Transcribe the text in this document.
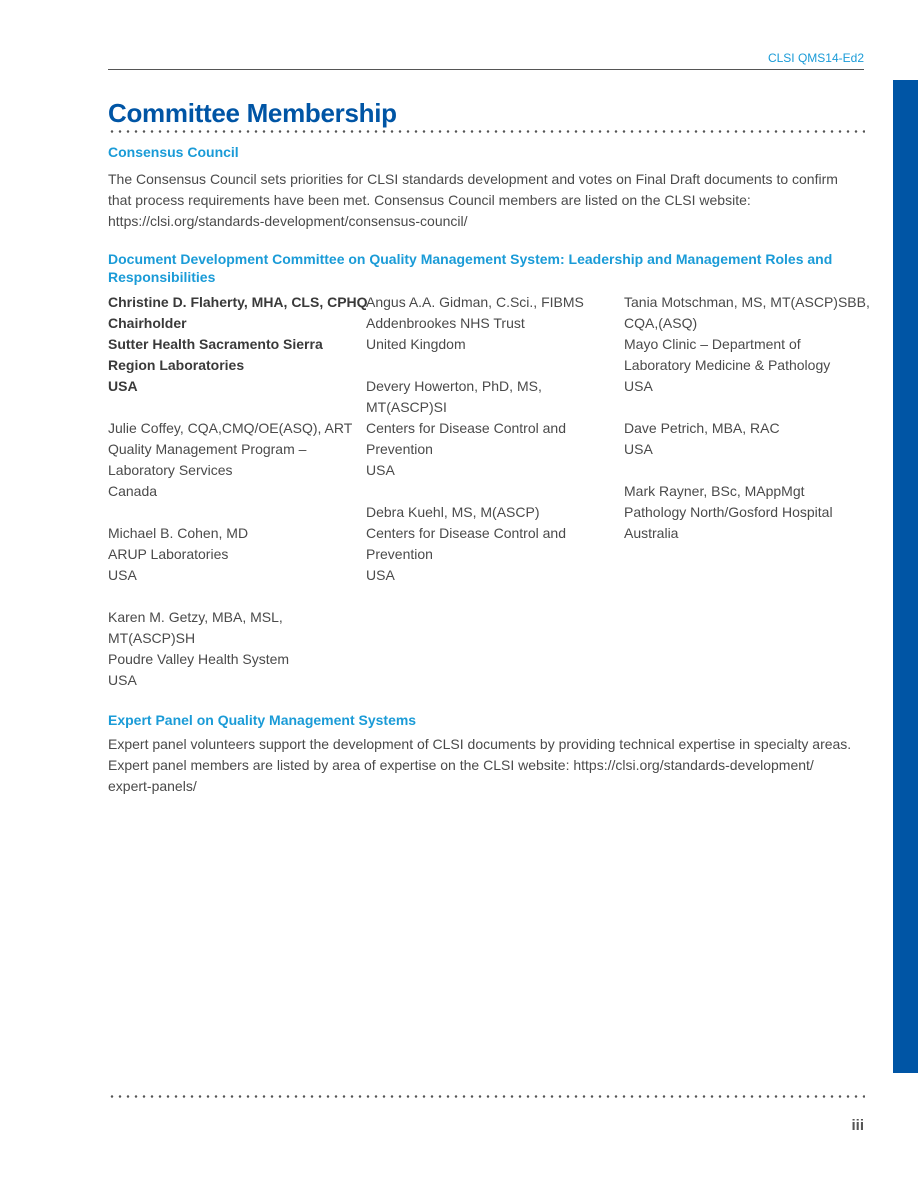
CLSI QMS14-Ed2
Committee Membership
Consensus Council

The Consensus Council sets priorities for CLSI standards development and votes on Final Draft documents to confirm that process requirements have been met. Consensus Council members are listed on the CLSI website: https://clsi.org/standards-development/consensus-council/

Document Development Committee on Quality Management System: Leadership and Management Roles and Responsibilities
Christine D. Flaherty, MHA, CLS, CPHQ
Chairholder
Sutter Health Sacramento Sierra
Region Laboratories
USA
Julie Coffey, CQA,CMQ/OE(ASQ), ART
Quality Management Program –
Laboratory Services
Canada
Michael B. Cohen, MD
ARUP Laboratories
USA
Karen M. Getzy, MBA, MSL,
MT(ASCP)SH
Poudre Valley Health System
USA
Angus A.A. Gidman, C.Sci., FIBMS
Addenbrookes NHS Trust
United Kingdom
Devery Howerton, PhD, MS,
MT(ASCP)SI
Centers for Disease Control and
Prevention
USA
Debra Kuehl, MS, M(ASCP)
Centers for Disease Control and
Prevention
USA
Tania Motschman, MS, MT(ASCP)SBB,
CQA,(ASQ)
Mayo Clinic – Department of
Laboratory Medicine & Pathology
USA
Dave Petrich, MBA, RAC
USA
Mark Rayner, BSc, MAppMgt
Pathology North/Gosford Hospital
Australia
Expert Panel on Quality Management Systems

Expert panel volunteers support the development of CLSI documents by providing technical expertise in specialty areas. Expert panel members are listed by area of expertise on the CLSI website: https://clsi.org/standards-development/ expert-panels/

iii
